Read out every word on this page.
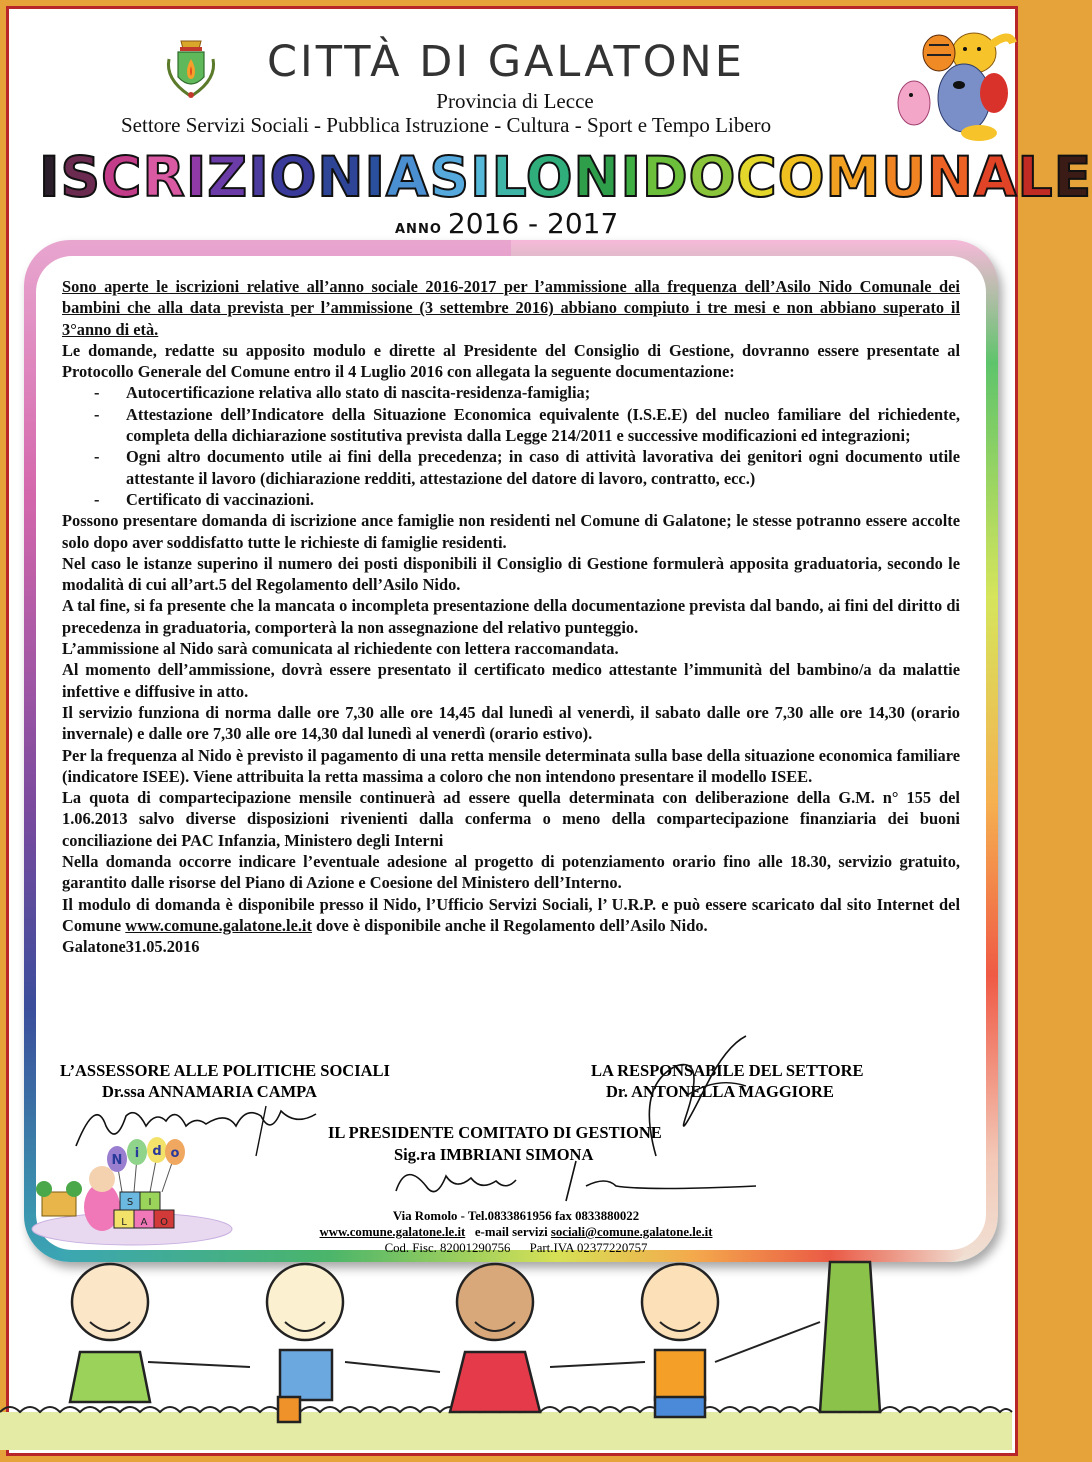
CITTÀ DI GALATONE
Provincia di Lecce
Settore Servizi Sociali - Pubblica Istruzione - Cultura - Sport e Tempo Libero
ISCRIZIONI ASILO NIDO COMUNALE
ANNO 2016 - 2017

Sono aperte le iscrizioni relative all’anno sociale 2016-2017 per l’ammissione alla frequenza dell’Asilo Nido Comunale dei bambini che alla data prevista per l’ammissione (3 settembre 2016) abbiano compiuto i tre mesi e non abbiano superato il 3°anno di età.

Le domande, redatte su apposito modulo e dirette al Presidente del Consiglio di Gestione, dovranno essere presentate al Protocollo Generale del Comune entro il 4 Luglio 2016 con allegata la seguente documentazione:

- Autocertificazione relativa allo stato di nascita-residenza-famiglia;
- Attestazione dell’Indicatore della Situazione Economica equivalente (I.S.E.E) del nucleo familiare del richiedente, completa della dichiarazione sostitutiva prevista dalla Legge 214/2011 e successive modificazioni ed integrazioni;
- Ogni altro documento utile ai fini della precedenza; in caso di attività lavorativa dei genitori ogni documento utile attestante il lavoro (dichiarazione redditi, attestazione del datore di lavoro, contratto, ecc.)
- Certificato di vaccinazioni.

Possono presentare domanda di iscrizione ance famiglie non residenti nel Comune di Galatone; le stesse potranno essere accolte solo dopo aver soddisfatto tutte le richieste di famiglie residenti.

Nel caso le istanze superino il numero dei posti disponibili il Consiglio di Gestione formulerà apposita graduatoria, secondo le modalità di cui all’art.5 del Regolamento dell’Asilo Nido.

A tal fine, si fa presente che la mancata o incompleta presentazione della documentazione prevista dal bando, ai fini del diritto di precedenza in graduatoria, comporterà la non assegnazione del relativo punteggio.

L’ammissione al Nido sarà comunicata al richiedente con lettera raccomandata.

Al momento dell’ammissione, dovrà essere presentato il certificato medico attestante l’immunità del bambino/a da malattie infettive e diffusive in atto.

Il servizio funziona di norma dalle ore 7,30 alle ore 14,45 dal lunedì al venerdì, il sabato dalle ore 7,30 alle ore 14,30 (orario invernale) e dalle ore 7,30 alle ore 14,30 dal lunedì al venerdì (orario estivo).

Per la frequenza al Nido è previsto il pagamento di una retta mensile determinata sulla base della situazione economica familiare (indicatore ISEE). Viene attribuita la retta massima a coloro che non intendono presentare il modello ISEE.

La quota di compartecipazione mensile continuerà ad essere quella determinata con deliberazione della G.M. n° 155 del 1.06.2013 salvo diverse disposizioni rivenienti dalla conferma o meno della compartecipazione finanziaria dei buoni conciliazione dei PAC Infanzia, Ministero degli Interni

Nella domanda occorre indicare l’eventuale adesione al progetto di potenziamento orario fino alle 18.30, servizio gratuito, garantito dalle risorse del Piano di Azione e Coesione del Ministero dell’Interno.

Il modulo di domanda è disponibile presso il Nido, l’Ufficio Servizi Sociali, l’ U.R.P. e può essere scaricato dal sito Internet del Comune www.comune.galatone.le.it dove è disponibile anche il Regolamento dell’Asilo Nido.

Galatone31.05.2016

L’ASSESSORE ALLE POLITICHE SOCIALI
Dr.ssa ANNAMARIA CAMPA
LA RESPONSABILE DEL SETTORE
Dr. ANTONELLA MAGGIORE
IL PRESIDENTE COMITATO DI GESTIONE
Sig.ra IMBRIANI SIMONA
Via Romolo - Tel.0833861956 fax 0833880022
www.comune.galatone.le.it e-mail servizi sociali@comune.galatone.le.it
Cod. Fisc. 82001290756 Part.IVA 02377220757
N i d o
A
S I
L	O
